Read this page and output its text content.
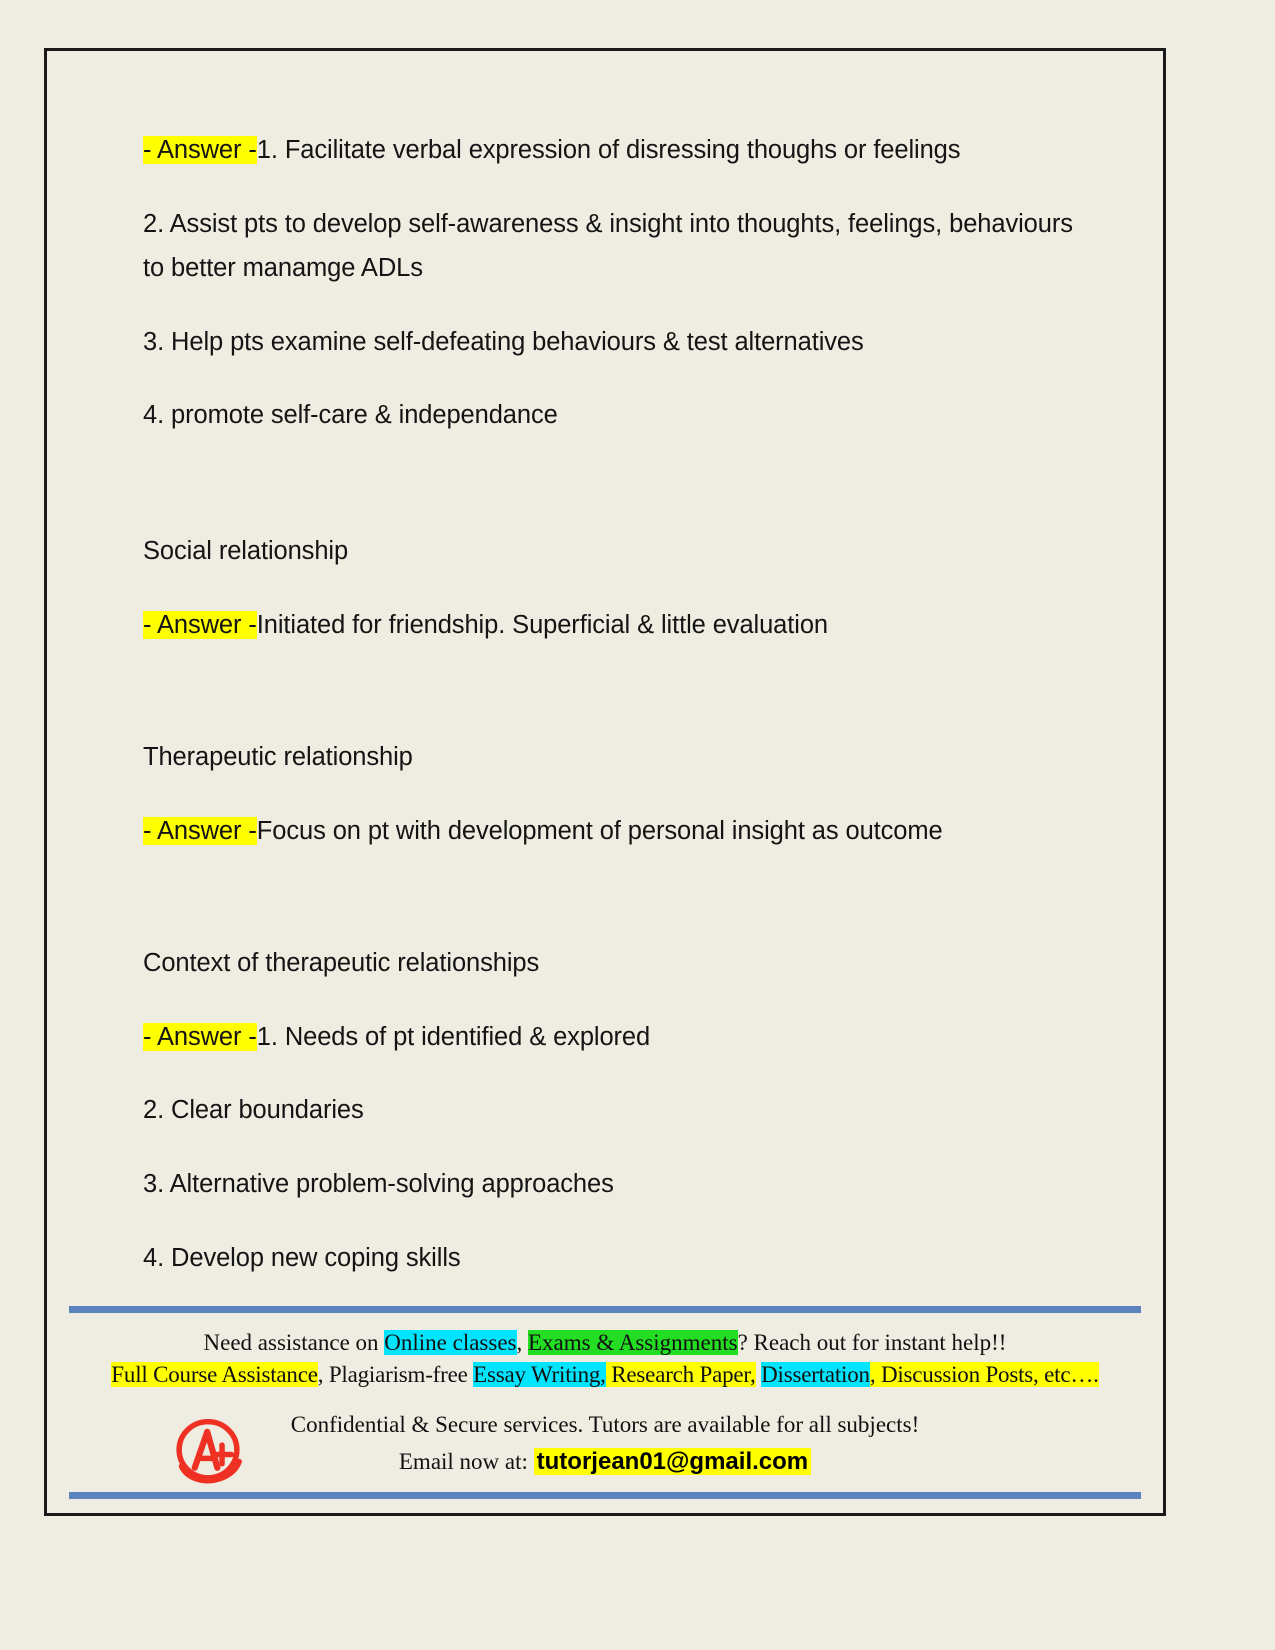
- Answer -1. Facilitate verbal expression of disressing thoughs or feelings

2. Assist pts to develop self-awareness & insight into thoughts, feelings, behaviours to better manamge ADLs

3. Help pts examine self-defeating behaviours & test alternatives

4. promote self-care & independance

Social relationship

- Answer -Initiated for friendship. Superficial & little evaluation

Therapeutic relationship

- Answer -Focus on pt with development of personal insight as outcome

Context of therapeutic relationships

- Answer -1. Needs of pt identified & explored

2. Clear boundaries

3. Alternative problem-solving approaches

4. Develop new coping skills

Need assistance on Online classes, Exams & Assignments? Reach out for instant help!!
Full Course Assistance, Plagiarism-free Essay Writing, Research Paper, Dissertation, Discussion Posts, etc….
Confidential & Secure services. Tutors are available for all subjects!
Email now at: tutorjean01@gmail.com
